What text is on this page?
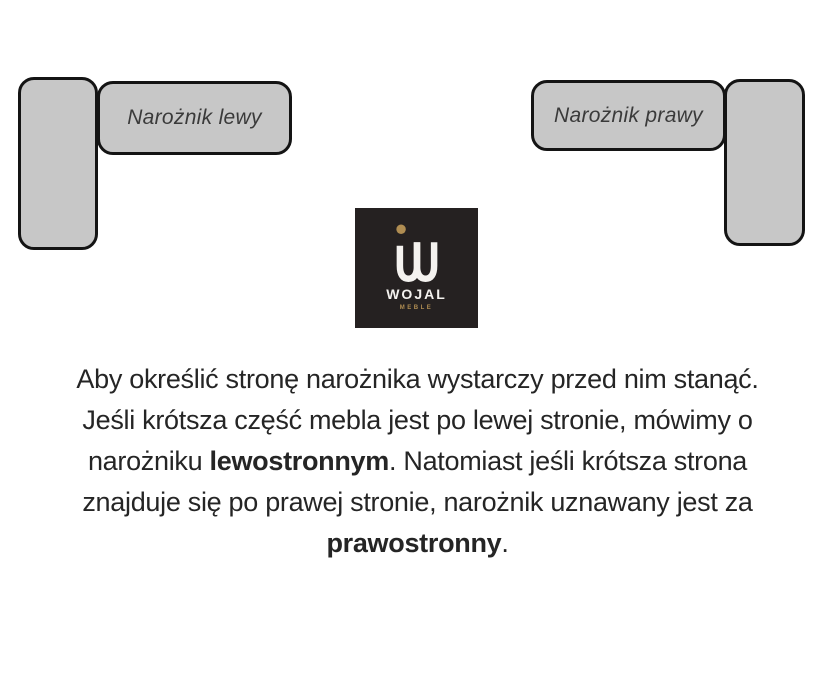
Narożnik lewy	Narożnik prawy
WOJAL
MEBLE
Aby określić stronę narożnika wystarczy przed nim stanąć.
Jeśli krótsza część mebla jest po lewej stronie, mówimy o
narożniku lewostronnym. Natomiast jeśli krótsza strona
znajduje się po prawej stronie, narożnik uznawany jest za
prawostronny.
